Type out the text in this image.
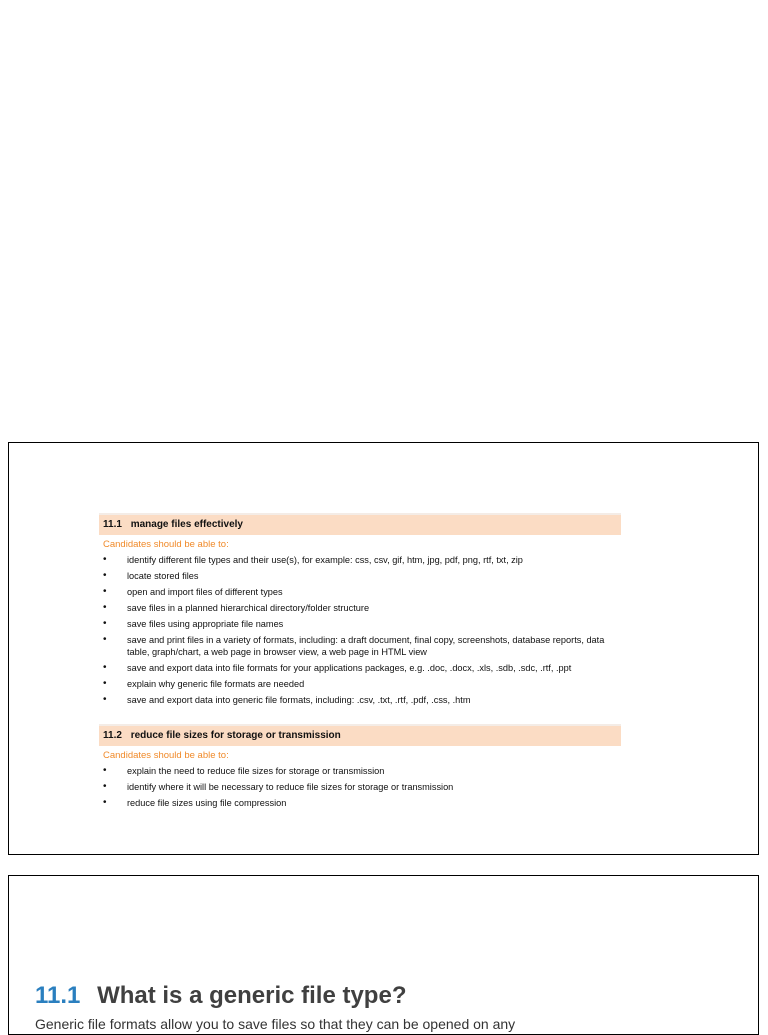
11.1 manage files effectively
Candidates should be able to:
• identify different file types and their use(s), for example: css, csv, gif, htm, jpg, pdf, png, rtf, txt, zip
• locate stored files
• open and import files of different types
• save files in a planned hierarchical directory/folder structure
• save files using appropriate file names
• save and print files in a variety of formats, including: a draft document, final copy, screenshots, database reports, data table, graph/chart, a web page in browser view, a web page in HTML view
• save and export data into file formats for your applications packages, e.g. .doc, .docx, .xls, .sdb, .sdc, .rtf, .ppt
• explain why generic file formats are needed
• save and export data into generic file formats, including: .csv, .txt, .rtf, .pdf, .css, .htm
11.2 reduce file sizes for storage or transmission
Candidates should be able to:
• explain the need to reduce file sizes for storage or transmission
• identify where it will be necessary to reduce file sizes for storage or transmission
• reduce file sizes using file compression
11.1 What is a generic file type?
Generic file formats allow you to save files so that they can be opened on any
